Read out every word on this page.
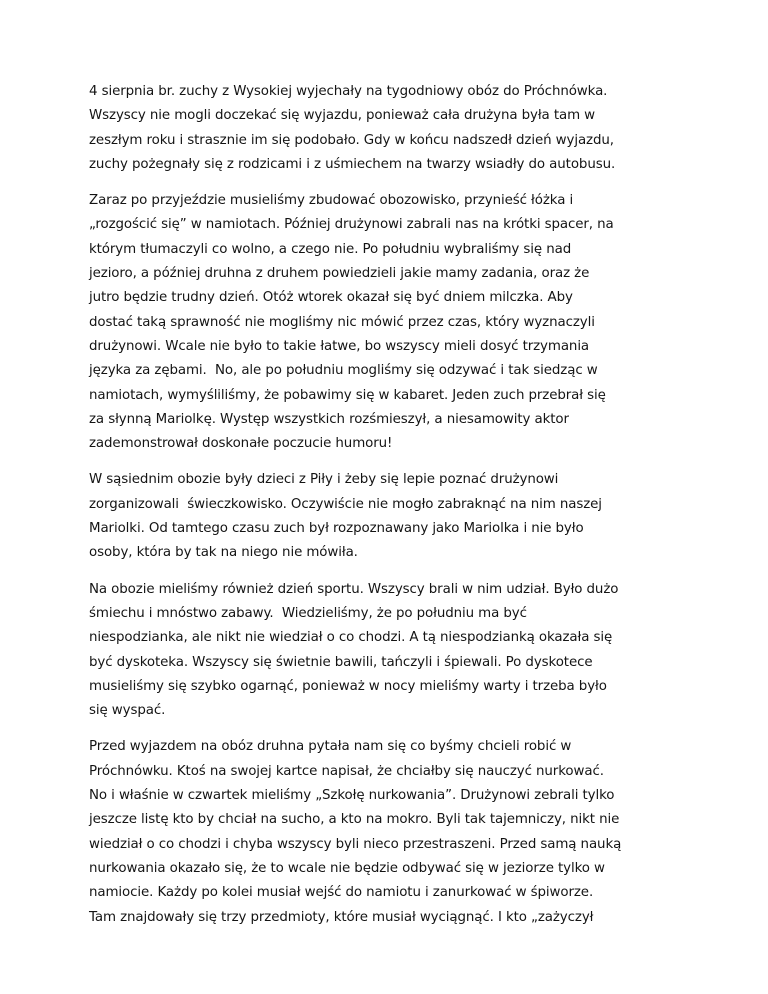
4 sierpnia br. zuchy z Wysokiej wyjechały na tygodniowy obóz do Próchnówka.
Wszyscy nie mogli doczekać się wyjazdu, ponieważ cała drużyna była tam w
zeszłym roku i strasznie im się podobało. Gdy w końcu nadszedł dzień wyjazdu,
zuchy pożegnały się z rodzicami i z uśmiechem na twarzy wsiadły do autobusu.

Zaraz po przyjeździe musieliśmy zbudować obozowisko, przynieść łóżka i
„rozgościć się” w namiotach. Później drużynowi zabrali nas na krótki spacer, na
którym tłumaczyli co wolno, a czego nie. Po południu wybraliśmy się nad
jezioro, a później druhna z druhem powiedzieli jakie mamy zadania, oraz że
jutro będzie trudny dzień. Otóż wtorek okazał się być dniem milczka. Aby
dostać taką sprawność nie mogliśmy nic mówić przez czas, który wyznaczyli
drużynowi. Wcale nie było to takie łatwe, bo wszyscy mieli dosyć trzymania
języka za zębami.  No, ale po południu mogliśmy się odzywać i tak siedząc w
namiotach, wymyśliliśmy, że pobawimy się w kabaret. Jeden zuch przebrał się
za słynną Mariolkę. Występ wszystkich rozśmieszył, a niesamowity aktor
zademonstrował doskonałe poczucie humoru!

W sąsiednim obozie były dzieci z Piły i żeby się lepie poznać drużynowi
zorganizowali  świeczkowisko. Oczywiście nie mogło zabraknąć na nim naszej
Mariolki. Od tamtego czasu zuch był rozpoznawany jako Mariolka i nie było
osoby, która by tak na niego nie mówiła.

Na obozie mieliśmy również dzień sportu. Wszyscy brali w nim udział. Było dużo
śmiechu i mnóstwo zabawy.  Wiedzieliśmy, że po południu ma być
niespodzianka, ale nikt nie wiedział o co chodzi. A tą niespodzianką okazała się
być dyskoteka. Wszyscy się świetnie bawili, tańczyli i śpiewali. Po dyskotece
musieliśmy się szybko ogarnąć, ponieważ w nocy mieliśmy warty i trzeba było
się wyspać.

Przed wyjazdem na obóz druhna pytała nam się co byśmy chcieli robić w
Próchnówku. Ktoś na swojej kartce napisał, że chciałby się nauczyć nurkować.
No i właśnie w czwartek mieliśmy „Szkołę nurkowania”. Drużynowi zebrali tylko
jeszcze listę kto by chciał na sucho, a kto na mokro. Byli tak tajemniczy, nikt nie
wiedział o co chodzi i chyba wszyscy byli nieco przestraszeni. Przed samą nauką
nurkowania okazało się, że to wcale nie będzie odbywać się w jeziorze tylko w
namiocie. Każdy po kolei musiał wejść do namiotu i zanurkować w śpiworze.
Tam znajdowały się trzy przedmioty, które musiał wyciągnąć. I kto „zażyczył
